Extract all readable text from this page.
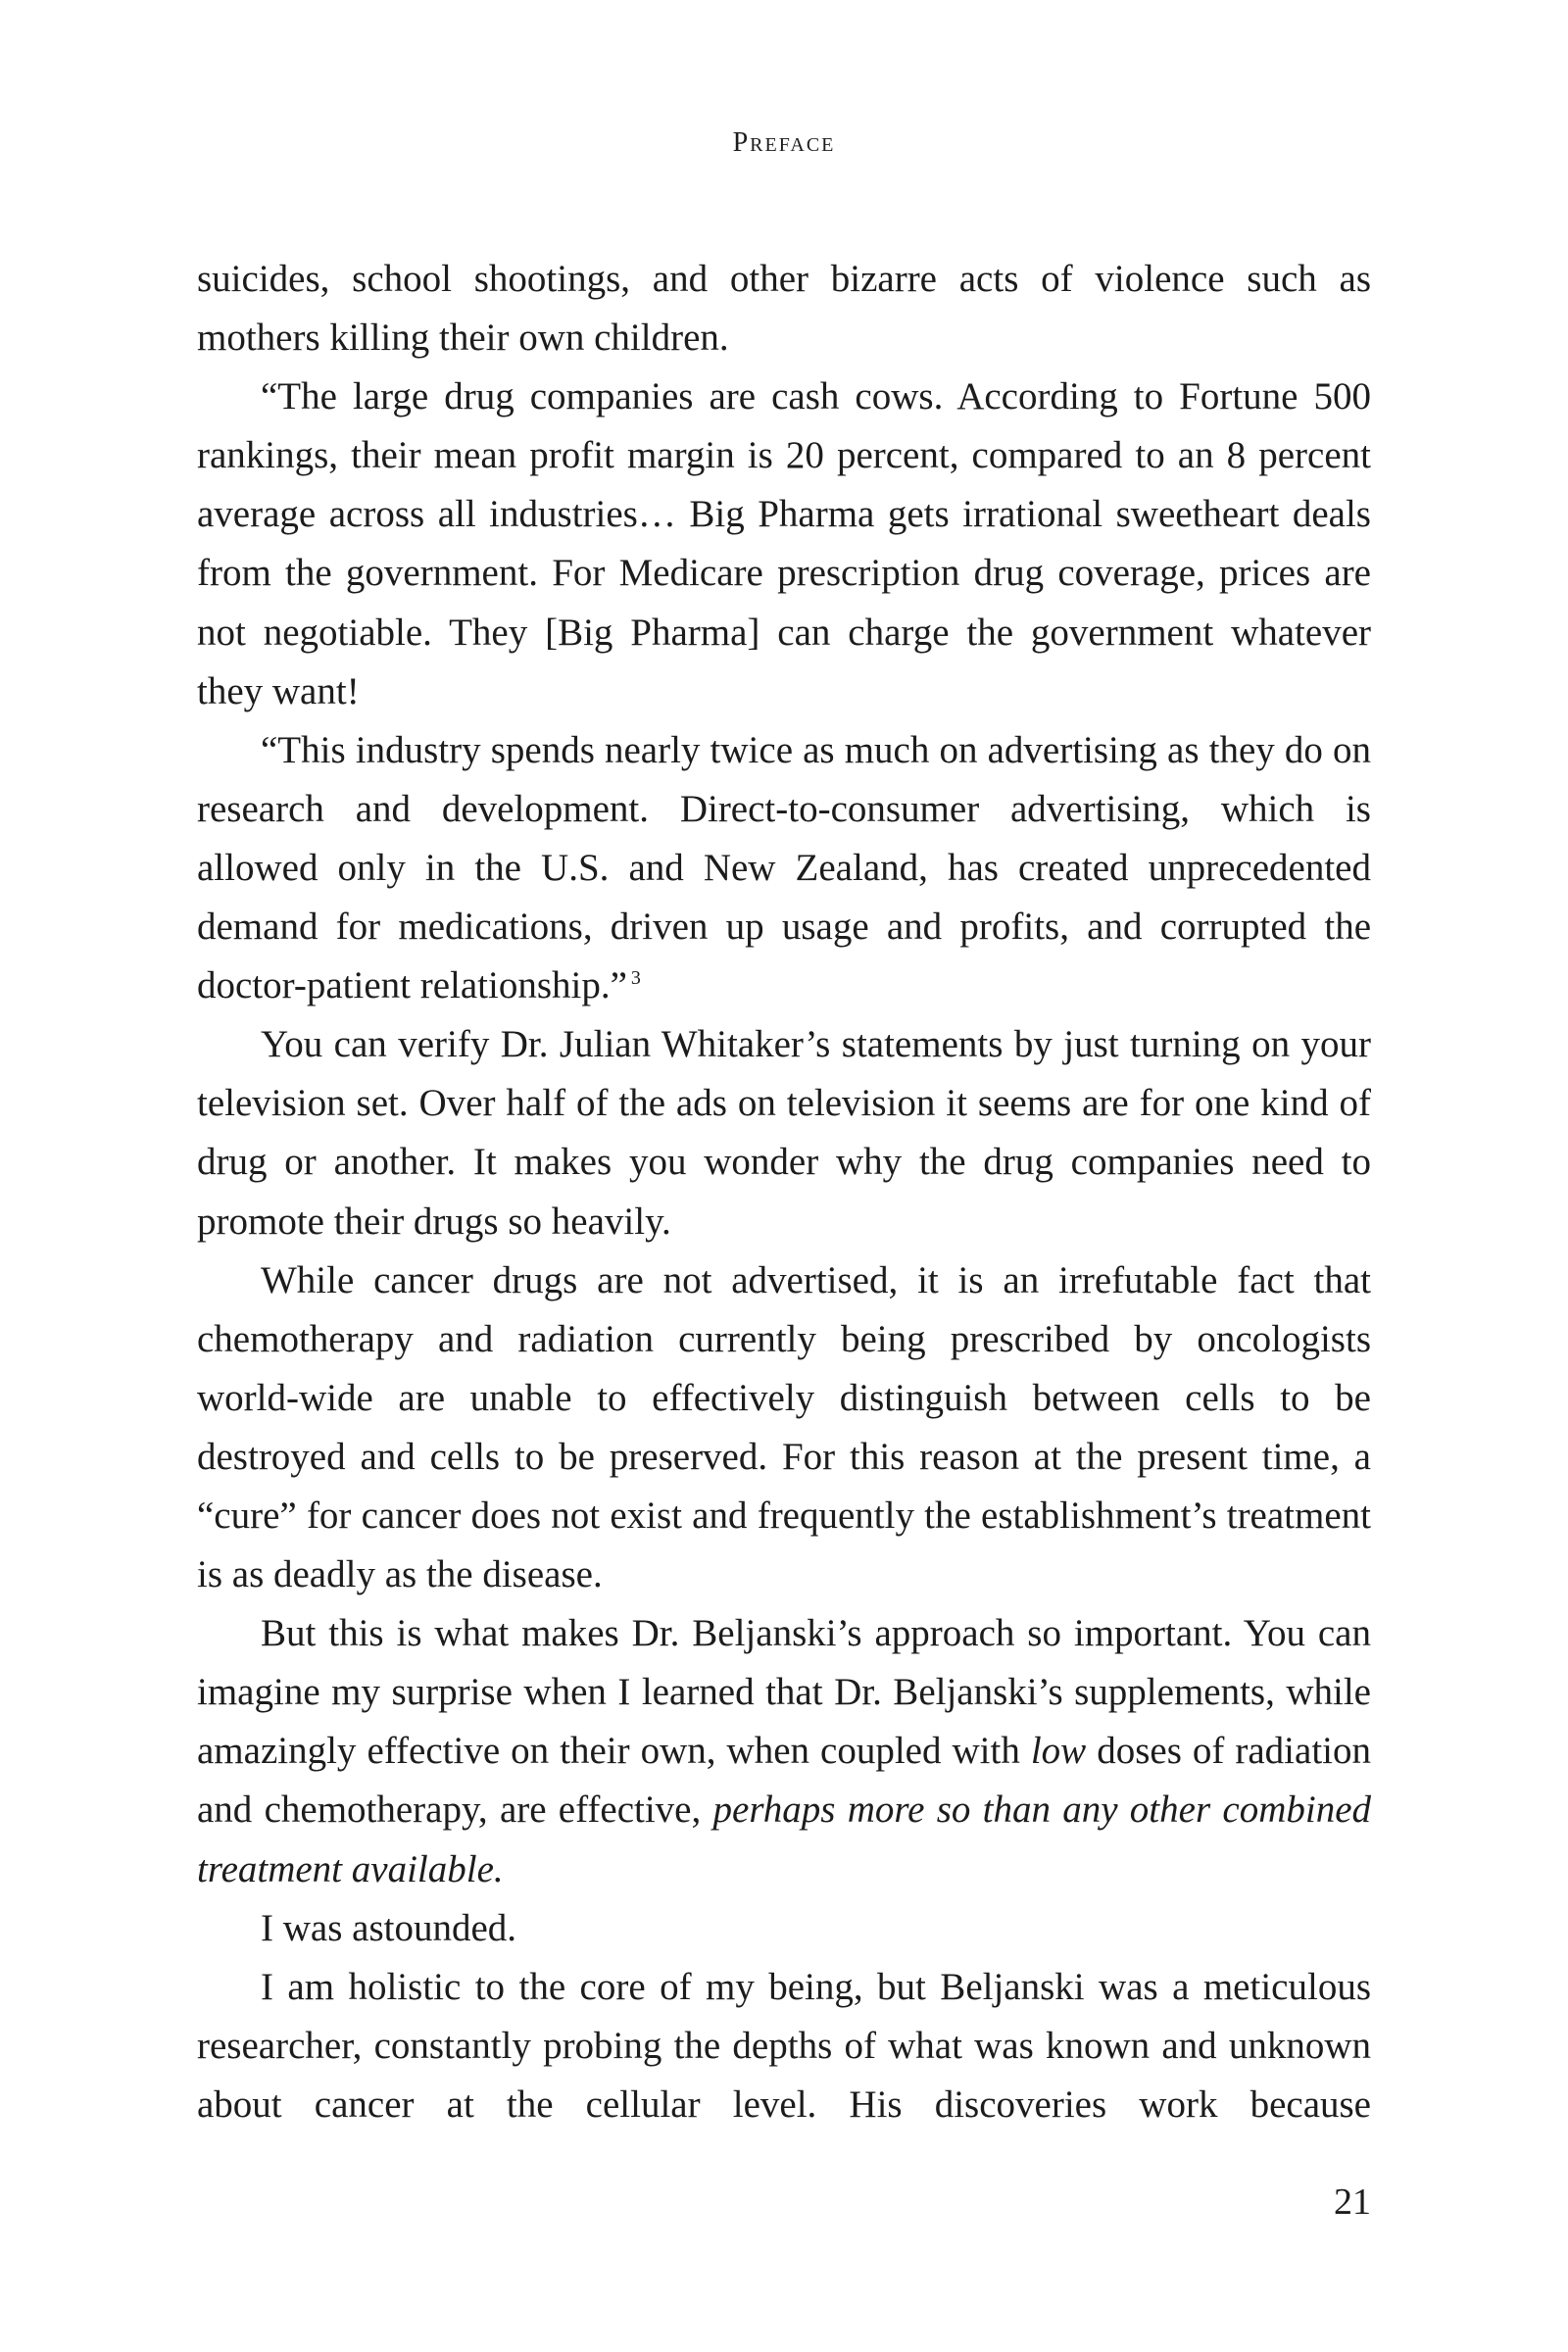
Preface

suicides, school shootings, and other bizarre acts of violence such as mothers killing their own children.

“The large drug companies are cash cows. According to Fortune 500 rankings, their mean profit margin is 20 percent, compared to an 8 percent average across all industries… Big Pharma gets irrational sweetheart deals from the government. For Medicare prescription drug coverage, prices are not negotiable. They [Big Pharma] can charge the government whatever they want!

“This industry spends nearly twice as much on advertising as they do on research and development. Direct-to-consumer advertising, which is allowed only in the U.S. and New Zealand, has created unprecedented demand for medications, driven up usage and profits, and corrupted the doctor-patient relationship.” $^3$

You can verify Dr. Julian Whitaker’s statements by just turning on your television set. Over half of the ads on television it seems are for one kind of drug or another. It makes you wonder why the drug companies need to promote their drugs so heavily.

While cancer drugs are not advertised, it is an irrefutable fact that chemotherapy and radiation currently being prescribed by oncologists world-wide are unable to effectively distinguish between cells to be destroyed and cells to be preserved. For this reason at the present time, a “cure” for cancer does not exist and frequently the establishment’s treatment is as deadly as the disease.

But this is what makes Dr. Beljanski’s approach so important. You can imagine my surprise when I learned that Dr. Beljanski’s supplements, while amazingly effective on their own, when coupled with low doses of radiation and chemotherapy, are effective, perhaps more so than any other combined treatment available.

I was astounded.

I am holistic to the core of my being, but Beljanski was a meticulous researcher, constantly probing the depths of what was known and unknown about cancer at the cellular level. His discoveries work because

21
